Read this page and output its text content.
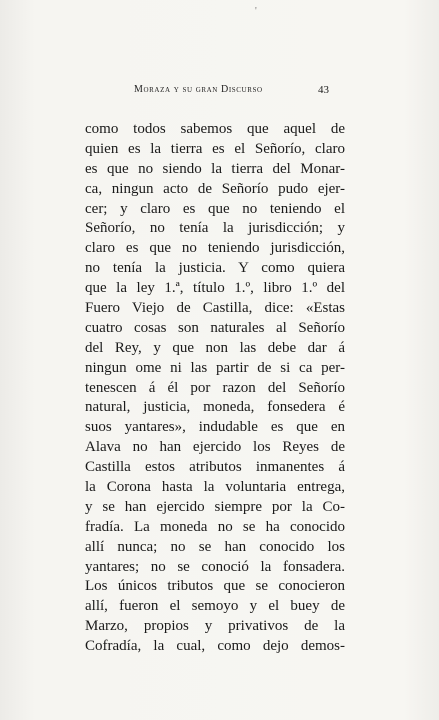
'
Moraza y su gran Discurso	43
como todos sabemos que aquel de
quien es la tierra es el Señorío, claro
es que no siendo la tierra del Monar-
ca, ningun acto de Señorío pudo ejer-
cer; y claro es que no teniendo el
Señorío, no tenía la jurisdicción; y
claro es que no teniendo jurisdicción,
no tenía la justicia. Y como quiera
que la ley 1.ª, título 1.º, libro 1.º del
Fuero Viejo de Castilla, dice: «Estas
cuatro cosas son naturales al Señorío
del Rey, y que non las debe dar á
ningun ome ni las partir de si ca per-
tenescen á él por razon del Señorío
natural, justicia, moneda, fonsedera é
suos yantares», indudable es que en
Alava no han ejercido los Reyes de
Castilla estos atributos inmanentes á
la Corona hasta la voluntaria entrega,
y se han ejercido siempre por la Co-
fradía. La moneda no se ha conocido
allí nunca; no se han conocido los
yantares; no se conoció la fonsadera.
Los únicos tributos que se conocieron
allí, fueron el semoyo y el buey de
Marzo, propios y privativos de la
Cofradía, la cual, como dejo demos-
